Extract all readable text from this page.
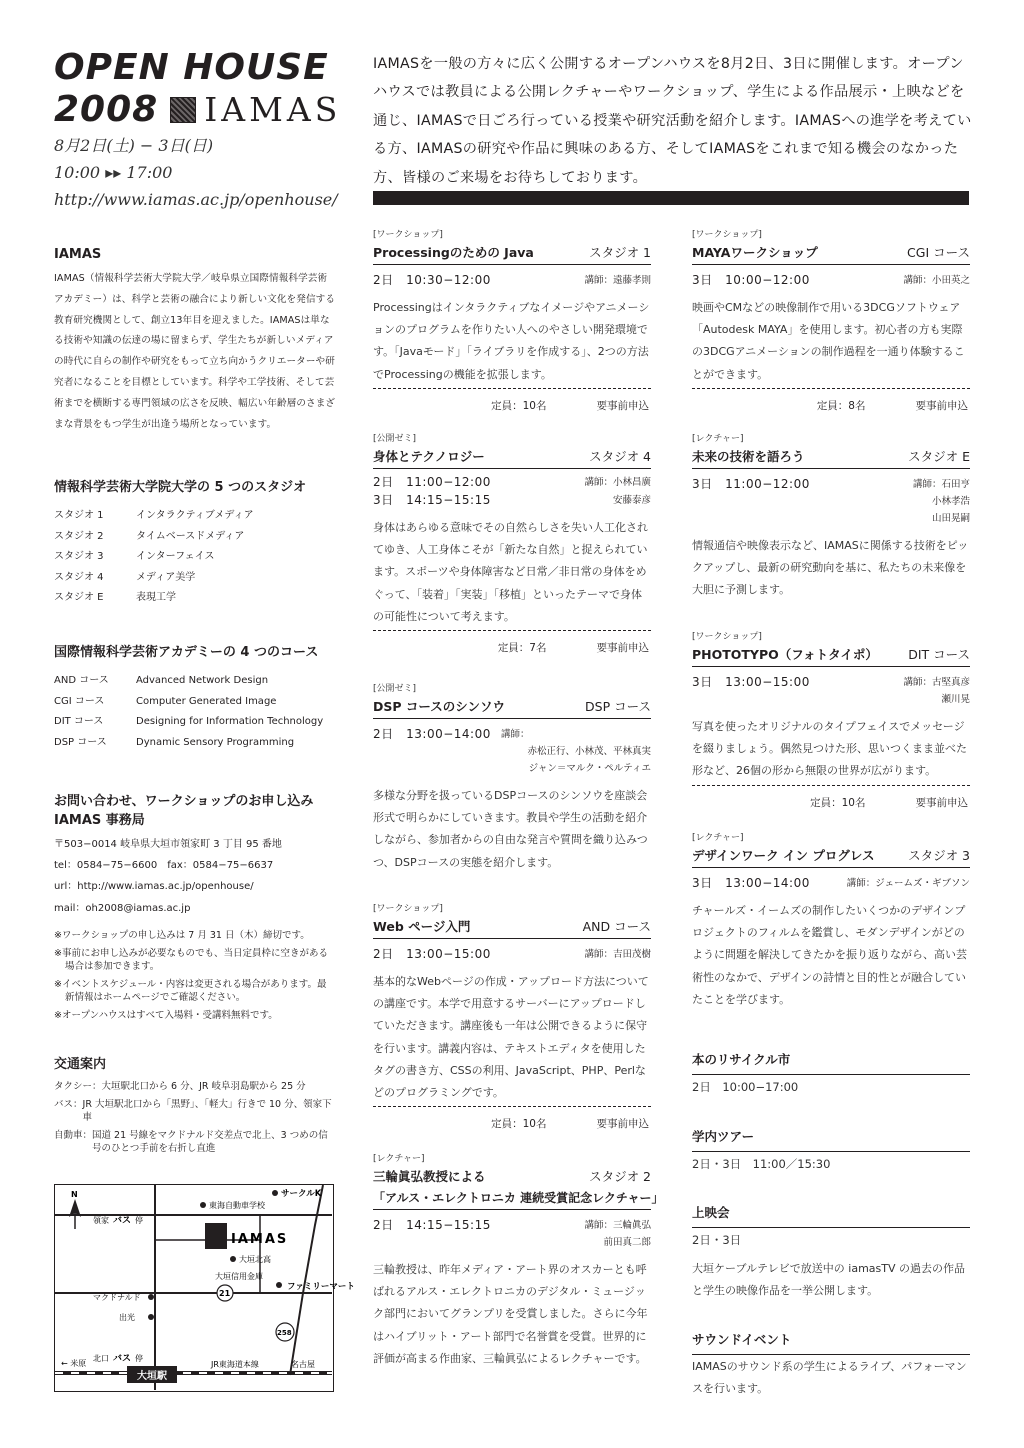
OPEN HOUSE
2008 IAMAS
8月2日(土) − 3日(日)
10:00 ▸▸ 17:00
http://www.iamas.ac.jp/openhouse/
IAMASを一般の方々に広く公開するオープンハウスを8月2日、3日に開催します。オープンハウスでは教員による公開レクチャーやワークショップ、学生による作品展示・上映などを通じ、IAMASで日ごろ行っている授業や研究活動を紹介します。IAMASへの進学を考えている方、IAMASの研究や作品に興味のある方、そしてIAMASをこれまで知る機会のなかった方、皆様のご来場をお待ちしております。
IAMAS
IAMAS（情報科学芸術大学院大学／岐阜県立国際情報科学芸術アカデミー）は、科学と芸術の融合により新しい文化を発信する教育研究機関として、創立13年目を迎えました。IAMASは単なる技術や知識の伝達の場に留まらず、学生たちが新しいメディアの時代に自らの制作や研究をもって立ち向かうクリエーターや研究者になることを目標としています。科学や工学技術、そして芸術までを横断する専門領域の広さを反映、幅広い年齢層のさまざまな背景をもつ学生が出逢う場所となっています。
情報科学芸術大学院大学の 5 つのスタジオ
スタジオ 1	インタラクティブメディア
スタジオ 2	タイムベースドメディア
スタジオ 3	インターフェイス
スタジオ 4	メディア美学
スタジオ E	表現工学
国際情報科学芸術アカデミーの 4 つのコース
AND コース	Advanced Network Design
CGI コース	Computer Generated Image
DIT コース	Designing for Information Technology
DSP コース	Dynamic Sensory Programming
お問い合わせ、ワークショップのお申し込み
IAMAS 事務局
〒503−0014 岐阜県大垣市領家町 3 丁目 95 番地
tel：0584−75−6600　fax：0584−75−6637
url：http://www.iamas.ac.jp/openhouse/
mail：oh2008@iamas.ac.jp
※ワークショップの申し込みは 7 月 31 日（木）締切です。
※事前にお申し込みが必要なものでも、当日定員枠に空きがある場合は参加できます。
※イベントスケジュール・内容は変更される場合があります。最新情報はホームページでご確認ください。
※オープンハウスはすべて入場料・受講料無料です。
交通案内
タクシー： 大垣駅北口から 6 分、JR 岐阜羽島駅から 25 分
バス： JR 大垣駅北口から「黒野」、「軽大」行きで 10 分、領家下車
自動車： 国道 21 号線をマクドナルド交差点で北上、3 つめの信号のひとつ手前を右折し直進
N
IAMAS
東海自動車学校
サークルK
大垣北高
大垣信用金庫
マクドナルド
出光
ファミリーマート
21
258
領家 バス 停
北口 バス 停
← 米原	JR東海道本線	名古屋
大垣駅
[ワークショップ]
Processingのための Java	スタジオ 1
2日　10:30−12:00	講師：遠藤孝則
Processingはインタラクティブなイメージやアニメーションのプログラムを作りたい人へのやさしい開発環境です。「Javaモード」「ライブラリを作成する」、2つの方法でProcessingの機能を拡張します。
定員：10名	要事前申込
[公開ゼミ]
身体とテクノロジー	スタジオ 4
2日　11:00−12:00	講師：小林昌廣
3日　14:15−15:15	安藤泰彦
身体はあらゆる意味でその自然らしさを失い人工化されてゆき、人工身体こそが「新たな自然」と捉えられています。スポーツや身体障害など日常／非日常の身体をめぐって、「装着」「実装」「移植」といったテーマで身体の可能性について考えます。
定員：7名	要事前申込
[公開ゼミ]
DSP コースのシンソウ	DSP コース
2日　13:00−14:00 講師：
赤松正行、小林茂、平林真実
ジャン＝マルク・ペルティエ
多様な分野を扱っているDSPコースのシンソウを座談会形式で明らかにしていきます。教員や学生の活動を紹介しながら、参加者からの自由な発言や質問を織り込みつつ、DSPコースの実態を紹介します。
[ワークショップ]
Web ページ入門	AND コース
2日　13:00−15:00	講師：吉田茂樹
基本的なWebページの作成・アップロード方法についての講座です。本学で用意するサーバーにアップロードしていただきます。講座後も一年は公開できるように保守を行います。講義内容は、テキストエディタを使用したタグの書き方、CSSの利用、JavaScript、PHP、Perlなどのプログラミングです。
定員：10名	要事前申込
[レクチャー]
三輪眞弘教授による	スタジオ 2
「アルス・エレクトロニカ 連続受賞記念レクチャー」
2日　14:15−15:15	講師：三輪眞弘
前田真二郎
三輪教授は、昨年メディア・アート界のオスカーとも呼ばれるアルス・エレクトロニカのデジタル・ミュージック部門においてグランプリを受賞しました。さらに今年はハイブリット・アート部門で名誉賞を受賞。世界的に評価が高まる作曲家、三輪眞弘によるレクチャーです。
[ワークショップ]
MAYAワークショップ	CGI コース
3日　10:00−12:00	講師：小田英之
映画やCMなどの映像制作で用いる3DCGソフトウェア「Autodesk MAYA」を使用します。初心者の方も実際の3DCGアニメーションの制作過程を一通り体験することができます。
定員：8名	要事前申込
[レクチャー]
未来の技術を語ろう	スタジオ E
3日　11:00−12:00	講師：石田亨
小林孝浩
山田晃嗣
情報通信や映像表示など、IAMASに関係する技術をピックアップし、最新の研究動向を基に、私たちの未来像を大胆に予測します。
[ワークショップ]
PHOTOTYPO（フォトタイポ） DIT コース
3日　13:00−15:00	講師：古堅真彦
瀬川晃
写真を使ったオリジナルのタイプフェイスでメッセージを綴りましょう。偶然見つけた形、思いつくまま並べた形など、26個の形から無限の世界が広がります。
定員：10名	要事前申込
[レクチャー]
デザインワーク イン プログレス	スタジオ 3
3日　13:00−14:00	講師：ジェームズ・ギブソン
チャールズ・イームズの制作したいくつかのデザインプロジェクトのフィルムを鑑賞し、モダンデザインがどのように問題を解決してきたかを振り返りながら、高い芸術性のなかで、デザインの詩情と目的性とが融合していたことを学びます。
本のリサイクル市
2日　10:00−17:00
学内ツアー
2日・3日　11:00／15:30
上映会
2日・3日
大垣ケーブルテレビで放送中の iamasTV の過去の作品と学生の映像作品を一挙公開します。
サウンドイベント
IAMASのサウンド系の学生によるライブ、パフォーマンスを行います。
